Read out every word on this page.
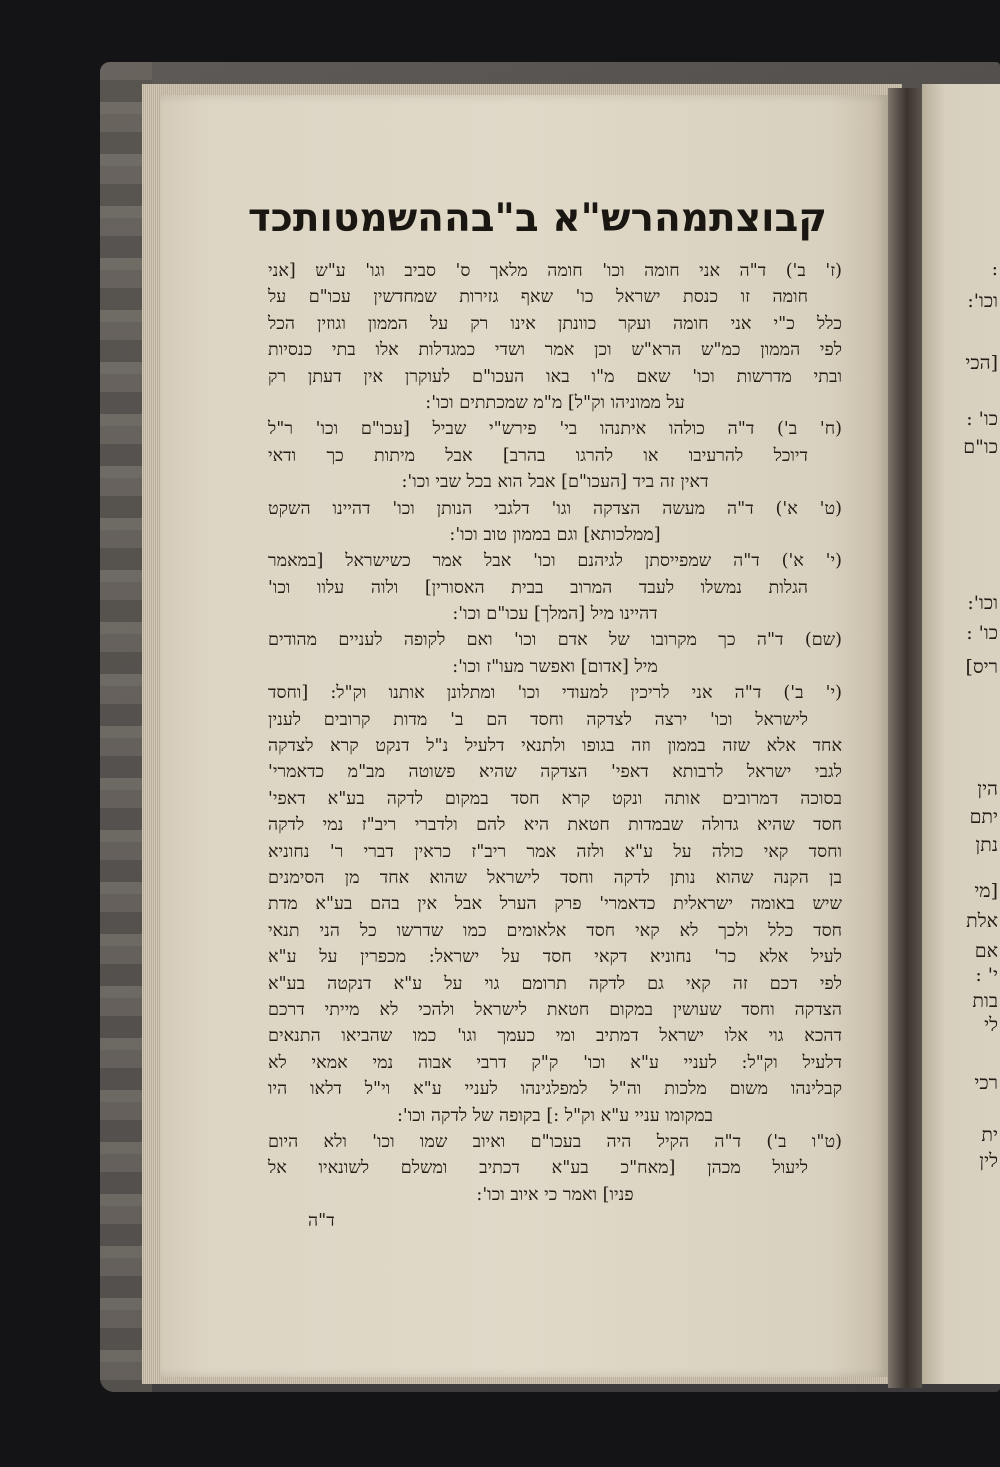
:
וכו':
[הכי
כו' :
כו"ם
וכו':
כו' :
ריס]
הין
יתם
נתן
[מי
אלת
אם
י' :
בות
לי
רכי
ית
לין
קבוצת
מהרש"א ב"ב
ההשמטות
כד
(ז' ב') ד"ה אני חומה וכו' חומה מלאך ס' סביב וגו' ע"ש [אני
חומה זו כנסת ישראל כו' שאף גזירות שמחדשין עכו"ם על
כלל כ"י אני חומה ועקר כוונתן אינו רק על הממון וגוזין הכל
לפי הממון כמ"ש הרא"ש וכן אמר ושדי כמגדלות אלו בתי כנסיות
ובתי מדרשות וכו' שאם מ"ו באו העכו"ם לעוקרן אין דעתן רק
על ממוניהו וק"ל] מ"מ שמכתתים וכו':
(ח' ב') ד"ה כולהו איתנהו בי' פירש"י שביל [עכו"ם וכו' ר"ל
דיוכל להרעיבו או להרגו בהרב] אבל מיתות כך ודאי
דאין זה ביד [העכו"ם] אבל הוא בכל שבי וכו':
(ט' א') ד"ה מעשה הצדקה וגו' דלגבי הנותן וכו' דהיינו השקט
[ממלכותא] וגם בממון טוב וכו':
(י' א') ד"ה שמפייסתן לגיהנם וכו' אבל אמר כשישראל [במאמר
הגלות נמשלו לעבד המרוב בבית האסורין] ולוה עלוו וכו'
דהיינו מיל [המלך] עכו"ם וכו':
(שם) ד"ה כך מקרובו של אדם וכו' ואם לקופה לעניים מהודים
מיל [אדום] ואפשר מעו"ז וכו':
(י' ב') ד"ה אני לריכין למעודי וכו' ומתלונן אותנו וק"ל: [וחסד
לישראל וכו' ירצה לצדקה וחסד הם ב' מדות קרובים לענין
אחד אלא שזה בממון וזה בגופו ולתנאי דלעיל נ"ל דנקט קרא לצדקה
לגבי ישראל לרבותא דאפי' הצדקה שהיא פשוטה מב"מ כדאמרי'
בסוכה דמרובים אותה ונקט קרא חסד במקום לדקה בע"א דאפי'
חסד שהיא גדולה שבמדות חטאת היא להם ולדברי ריב"ז נמי לדקה
וחסד קאי כולה על ע"א ולזה אמר ריב"ז כראין דברי ר' נחוניא
בן הקנה שהוא נותן לדקה וחסד לישראל שהוא אחד מן הסימנים
שיש באומה ישראלית כדאמרי' פרק הערל אבל אין בהם בע"א מדת
חסד כלל ולכך לא קאי חסד אלאומים כמו שדרשו כל הני תנאי
לעיל אלא כר' נחוניא דקאי חסד על ישראל: מכפרין על ע"א
לפי דכם זה קאי גם לדקה תרומם גוי על ע"א דנקטה בע"א
הצדקה וחסד שעושין במקום חטאת לישראל ולהכי לא מייתי דרכם
דהכא גוי אלו ישראל דמתיב ומי כעמך וגו' כמו שהביאו התנאים
דלעיל וק"ל: לעניי ע"א וכו' ק"ק דרבי אבוה נמי אמאי לא
קבלינהו משום מלכות וה"ל למפלגינהו לעניי ע"א וי"ל דלאו היו
במקומו עניי ע"א וק"ל :] בקופה של לדקה וכו':
(ט"ו ב') ד"ה הקיל היה בעכו"ם ואיוב שמו וכו' ולא היום
ליעול מכהן [מאח"כ בע"א דכתיב ומשלם לשונאיו אל
פניו] ואמר כי איוב וכו':
ד"ה
